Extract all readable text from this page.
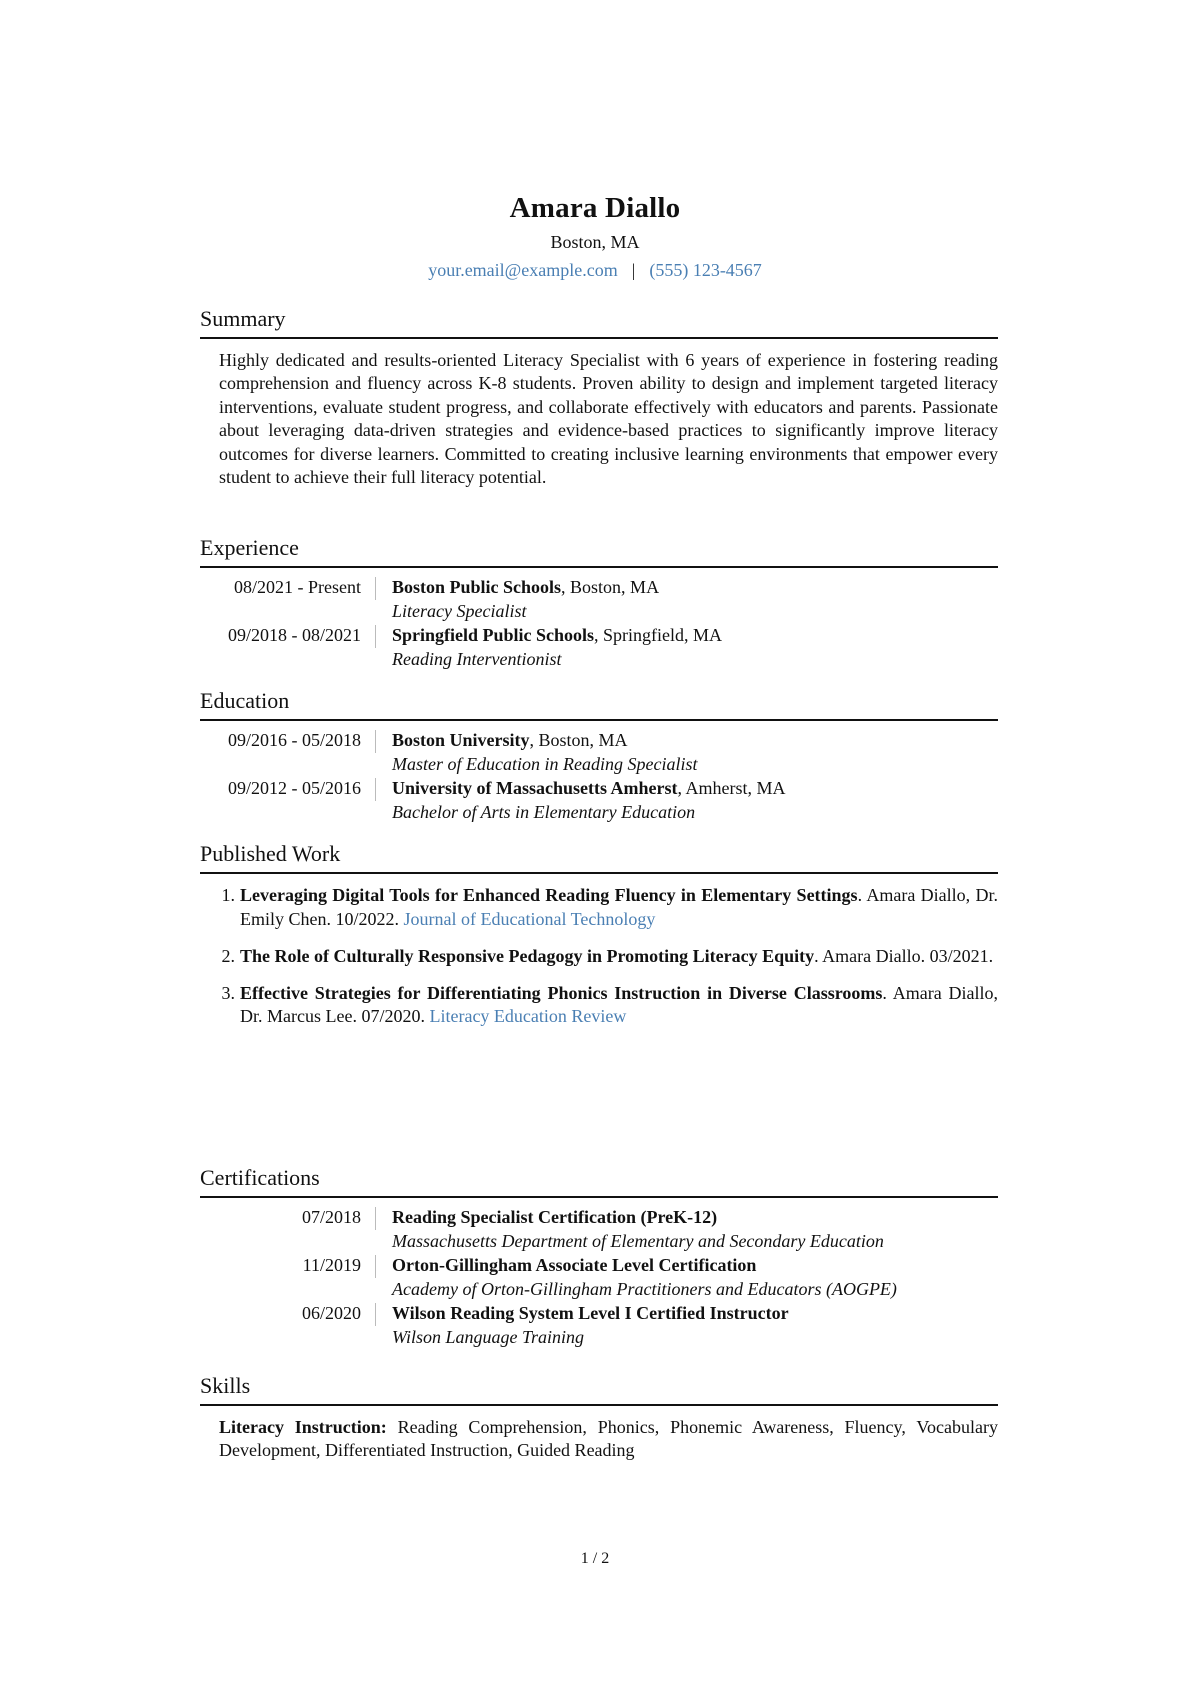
Amara Diallo
Boston, MA
your.email@example.com | (555) 123-4567
Summary
Highly dedicated and results-oriented Literacy Specialist with 6 years of experience in fostering reading comprehension and fluency across K-8 students. Proven ability to design and implement targeted literacy interventions, evaluate student progress, and collaborate effectively with educators and parents. Passionate about leveraging data-driven strategies and evidence-based practices to significantly improve literacy outcomes for diverse learners. Committed to creating inclusive learning environments that empower every student to achieve their full literacy potential.
Experience
08/2021 - Present	Boston Public Schools, Boston, MA
Literacy Specialist
09/2018 - 08/2021	Springfield Public Schools, Springfield, MA
Reading Interventionist
Education
09/2016 - 05/2018	Boston University, Boston, MA
Master of Education in Reading Specialist
09/2012 - 05/2016	University of Massachusetts Amherst, Amherst, MA
Bachelor of Arts in Elementary Education
Published Work
1. Leveraging Digital Tools for Enhanced Reading Fluency in Elementary Settings. Amara Diallo, Dr. Emily Chen. 10/2022. Journal of Educational Technology
2. The Role of Culturally Responsive Pedagogy in Promoting Literacy Equity. Amara Diallo. 03/2021.
3. Effective Strategies for Differentiating Phonics Instruction in Diverse Classrooms. Amara Diallo, Dr. Marcus Lee. 07/2020. Literacy Education Review
Certifications
07/2018	Reading Specialist Certification (PreK-12)
Massachusetts Department of Elementary and Secondary Education
11/2019	Orton-Gillingham Associate Level Certification
Academy of Orton-Gillingham Practitioners and Educators (AOGPE)
06/2020	Wilson Reading System Level I Certified Instructor
Wilson Language Training
Skills
Literacy Instruction: Reading Comprehension, Phonics, Phonemic Awareness, Fluency, Vocabulary Development, Differentiated Instruction, Guided Reading
1 / 2
